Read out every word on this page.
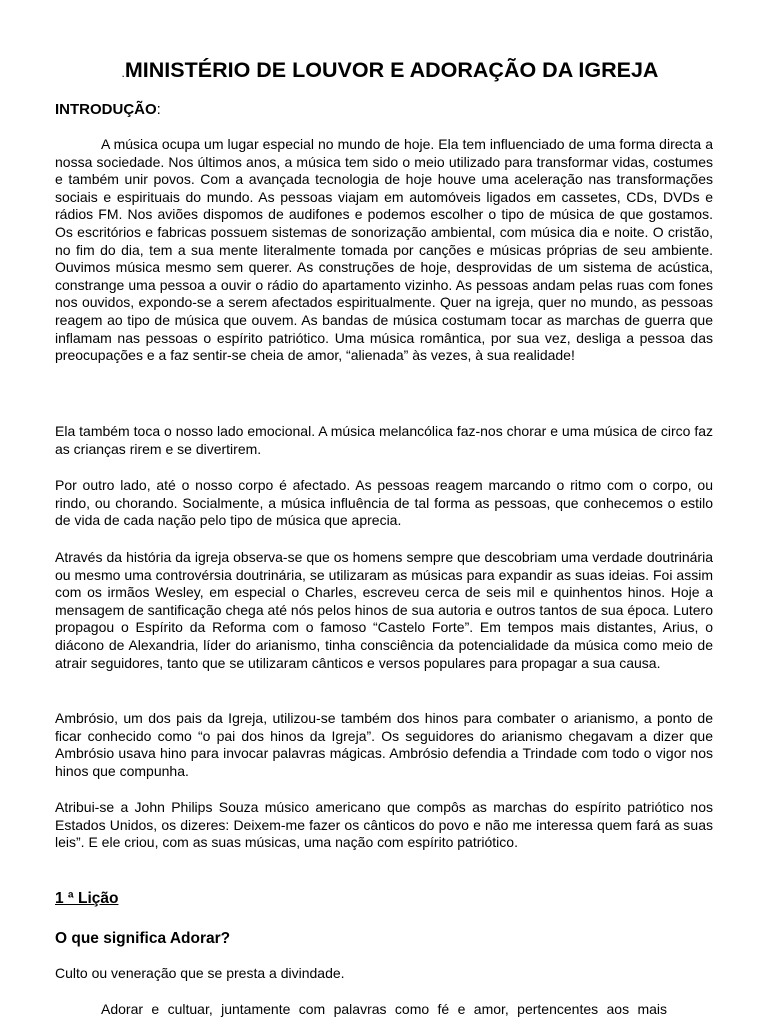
.MINISTÉRIO DE LOUVOR E ADORAÇÃO DA IGREJA
INTRODUÇÃO:

A música ocupa um lugar especial no mundo de hoje. Ela tem influenciado de uma forma directa a nossa sociedade. Nos últimos anos, a música tem sido o meio utilizado para transformar vidas, costumes e também unir povos. Com a avançada tecnologia de hoje houve uma aceleração nas transformações sociais e espirituais do mundo. As pessoas viajam em automóveis ligados em cassetes, CDs, DVDs e rádios FM. Nos aviões dispomos de audifones e podemos escolher o tipo de música de que gostamos. Os escritórios e fabricas possuem sistemas de sonorização ambiental, com música dia e noite. O cristão, no fim do dia, tem a sua mente literalmente tomada por canções e músicas próprias de seu ambiente. Ouvimos música mesmo sem querer. As construções de hoje, desprovidas de um sistema de acústica, constrange uma pessoa a ouvir o rádio do apartamento vizinho. As pessoas andam pelas ruas com fones nos ouvidos, expondo-se a serem afectados espiritualmente. Quer na igreja, quer no mundo, as pessoas reagem ao tipo de música que ouvem. As bandas de música costumam tocar as marchas de guerra que inflamam nas pessoas o espírito patriótico. Uma música romântica, por sua vez, desliga a pessoa das preocupações e a faz sentir-se cheia de amor, “alienada” às vezes, à sua realidade!

Ela também toca o nosso lado emocional. A música melancólica faz-nos chorar e uma música de circo faz as crianças rirem e se divertirem.

Por outro lado, até o nosso corpo é afectado. As pessoas reagem marcando o ritmo com o corpo, ou rindo, ou chorando. Socialmente, a música influência de tal forma as pessoas, que conhecemos o estilo de vida de cada nação pelo tipo de música que aprecia.

Através da história da igreja observa-se que os homens sempre que descobriam uma verdade doutrinária ou mesmo uma controvérsia doutrinária, se utilizaram as músicas para expandir as suas ideias. Foi assim com os irmãos Wesley, em especial o Charles, escreveu cerca de seis mil e quinhentos hinos. Hoje a mensagem de santificação chega até nós pelos hinos de sua autoria e outros tantos de sua época. Lutero propagou o Espírito da Reforma com o famoso “Castelo Forte”. Em tempos mais distantes, Arius, o diácono de Alexandria, líder do arianismo, tinha consciência da potencialidade da música como meio de atrair seguidores, tanto que se utilizaram cânticos e versos populares para propagar a sua causa.

Ambrósio, um dos pais da Igreja, utilizou-se também dos hinos para combater o arianismo, a ponto de ficar conhecido como “o pai dos hinos da Igreja”. Os seguidores do arianismo chegavam a dizer que Ambrósio usava hino para invocar palavras mágicas. Ambrósio defendia a Trindade com todo o vigor nos hinos que compunha.

Atribui-se a John Philips Souza músico americano que compôs as marchas do espírito patriótico nos Estados Unidos, os dizeres: Deixem-me fazer os cânticos do povo e não me interessa quem fará as suas leis”. E ele criou, com as suas músicas, uma nação com espírito patriótico.

1 ª Lição
O que significa Adorar?

Culto ou veneração que se presta a divindade.

Adorar e cultuar, juntamente com palavras como fé e amor, pertencentes aos mais
